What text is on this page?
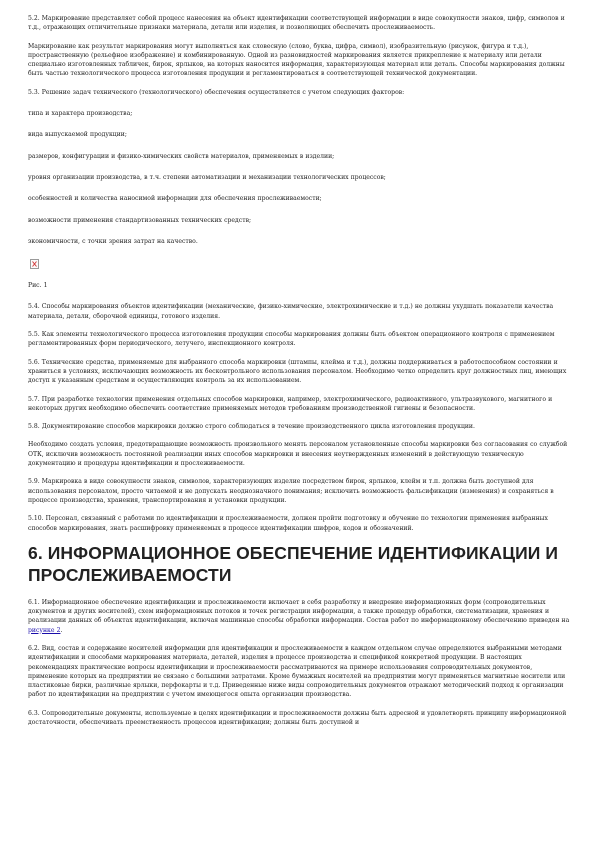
5.2. Маркирование представляет собой процесс нанесения на объект идентификации соответствующей информации в виде совокупности знаков, цифр, символов и т.д., отражающих отличительные признаки материала, детали или изделия, и позволяющих обеспечить прослеживаемость.

Маркирование как результат маркирования могут выполняться как словесную (слово, буква, цифра, символ), изобразительную (рисунок, фигура и т.д.), пространственную (рельефное изображение) и комбинированную. Одной из разновидностей маркирования является прикрепление к материалу или детали специально изготовленных табличек, бирок, ярлыков, на которых наносится информация, характеризующая материал или деталь. Способы маркирования должны быть частью технологического процесса изготовления продукции и регламентироваться в соответствующей технической документации.

5.3. Решение задач технического (технологического) обеспечения осуществляется с учетом следующих факторов:

типа и характера производства;

вида выпускаемой продукции;

размеров, конфигурации и физико-химических свойств материалов, применяемых в изделии;

уровня организации производства, в т.ч. степени автоматизации и механизации технологических процессов;

особенностей и количества наносимой информации для обеспечения прослеживаемости;

возможности применения стандартизованных технических средств;

экономичности, с точки зрения затрат на качество.

Рис. 1

5.4. Способы маркирования объектов идентификации (механические, физико-химические, электрохимические и т.д.) не должны ухудшать показатели качества материала, детали, сборочной единицы, готового изделия.

5.5. Как элементы технологического процесса изготовления продукции способы маркирования должны быть объектом операционного контроля с применением регламентированных форм периодического, летучего, инспекционного контроля.

5.6. Технические средства, применяемые для выбранного способа маркировки (штампы, клейма и т.д.), должны поддерживаться в работоспособном состоянии и храниться в условиях, исключающих возможность их бесконтрольного использования персоналом. Необходимо четко определить круг должностных лиц, имеющих доступ к указанным средствам и осуществляющих контроль за их использованием.

5.7. При разработке технологии применения отдельных способов маркировки, например, электрохимического, радиоактивного, ультразвукового, магнитного и некоторых других необходимо обеспечить соответствие применяемых методов требованиям производственной гигиены и безопасности.

5.8. Документирование способов маркировки должно строго соблюдаться в течение производственного цикла изготовления продукции.

Необходимо создать условия, предотвращающие возможность произвольного менять персоналом установленные способы маркировки без согласования со службой ОТК, исключив возможность постоянной реализации иных способов маркировки и внесения неутвержденных изменений в действующую техническую документацию и процедуры идентификации и прослеживаемости.

5.9. Маркировка в виде совокупности знаков, символов, характеризующих изделие посредством бирок, ярлыков, клейм и т.п. должна быть доступной для использования персоналом, просто читаемой и не допускать неоднозначного понимания; исключить возможность фальсификации (изменения) и сохраняться в процессе производства, хранения, транспортирования и установки продукции.

5.10. Персонал, связанный с работами по идентификации и прослеживаемости, должен пройти подготовку и обучение по технологии применения выбранных способов маркирования, знать расшифровку применяемых в процессе идентификации шифров, кодов и обозначений.

6. ИНФОРМАЦИОННОЕ ОБЕСПЕЧЕНИЕ ИДЕНТИФИКАЦИИ И ПРОСЛЕЖИВАЕМОСТИ

6.1. Информационное обеспечение идентификации и прослеживаемости включает в себя разработку и внедрение информационных форм (сопроводительных документов и других носителей), схем информационных потоков и точек регистрации информации, а также процедур обработки, систематизации, хранения и реализации данных об объектах идентификации, включая машинные способы обработки информации. Состав работ по информационному обеспечению приведен на рисунке 2.

6.2. Вид, состав и содержание носителей информации для идентификации и прослеживаемости в каждом отдельном случае определяются выбранными методами идентификации и способами маркирования материала, деталей, изделия в процессе производства и спецификой конкретной продукции. В настоящих рекомендациях практические вопросы идентификации и прослеживаемости рассматриваются на примере использования сопроводительных документов, применение которых на предприятии не связано с большими затратами. Кроме бумажных носителей на предприятии могут применяться магнитные носители или пластиковые бирки, различные ярлыки, перфокарты и т.д. Приведенные ниже виды сопроводительных документов отражают методический подход к организации работ по идентификации на предприятии с учетом имеющегося опыта организации производства.

6.3. Сопроводительные документы, используемые в целях идентификации и прослеживаемости должны быть адресной и удовлетворять принципу информационной достаточности, обеспечивать преемственность процессов идентификации; должны быть доступной и
